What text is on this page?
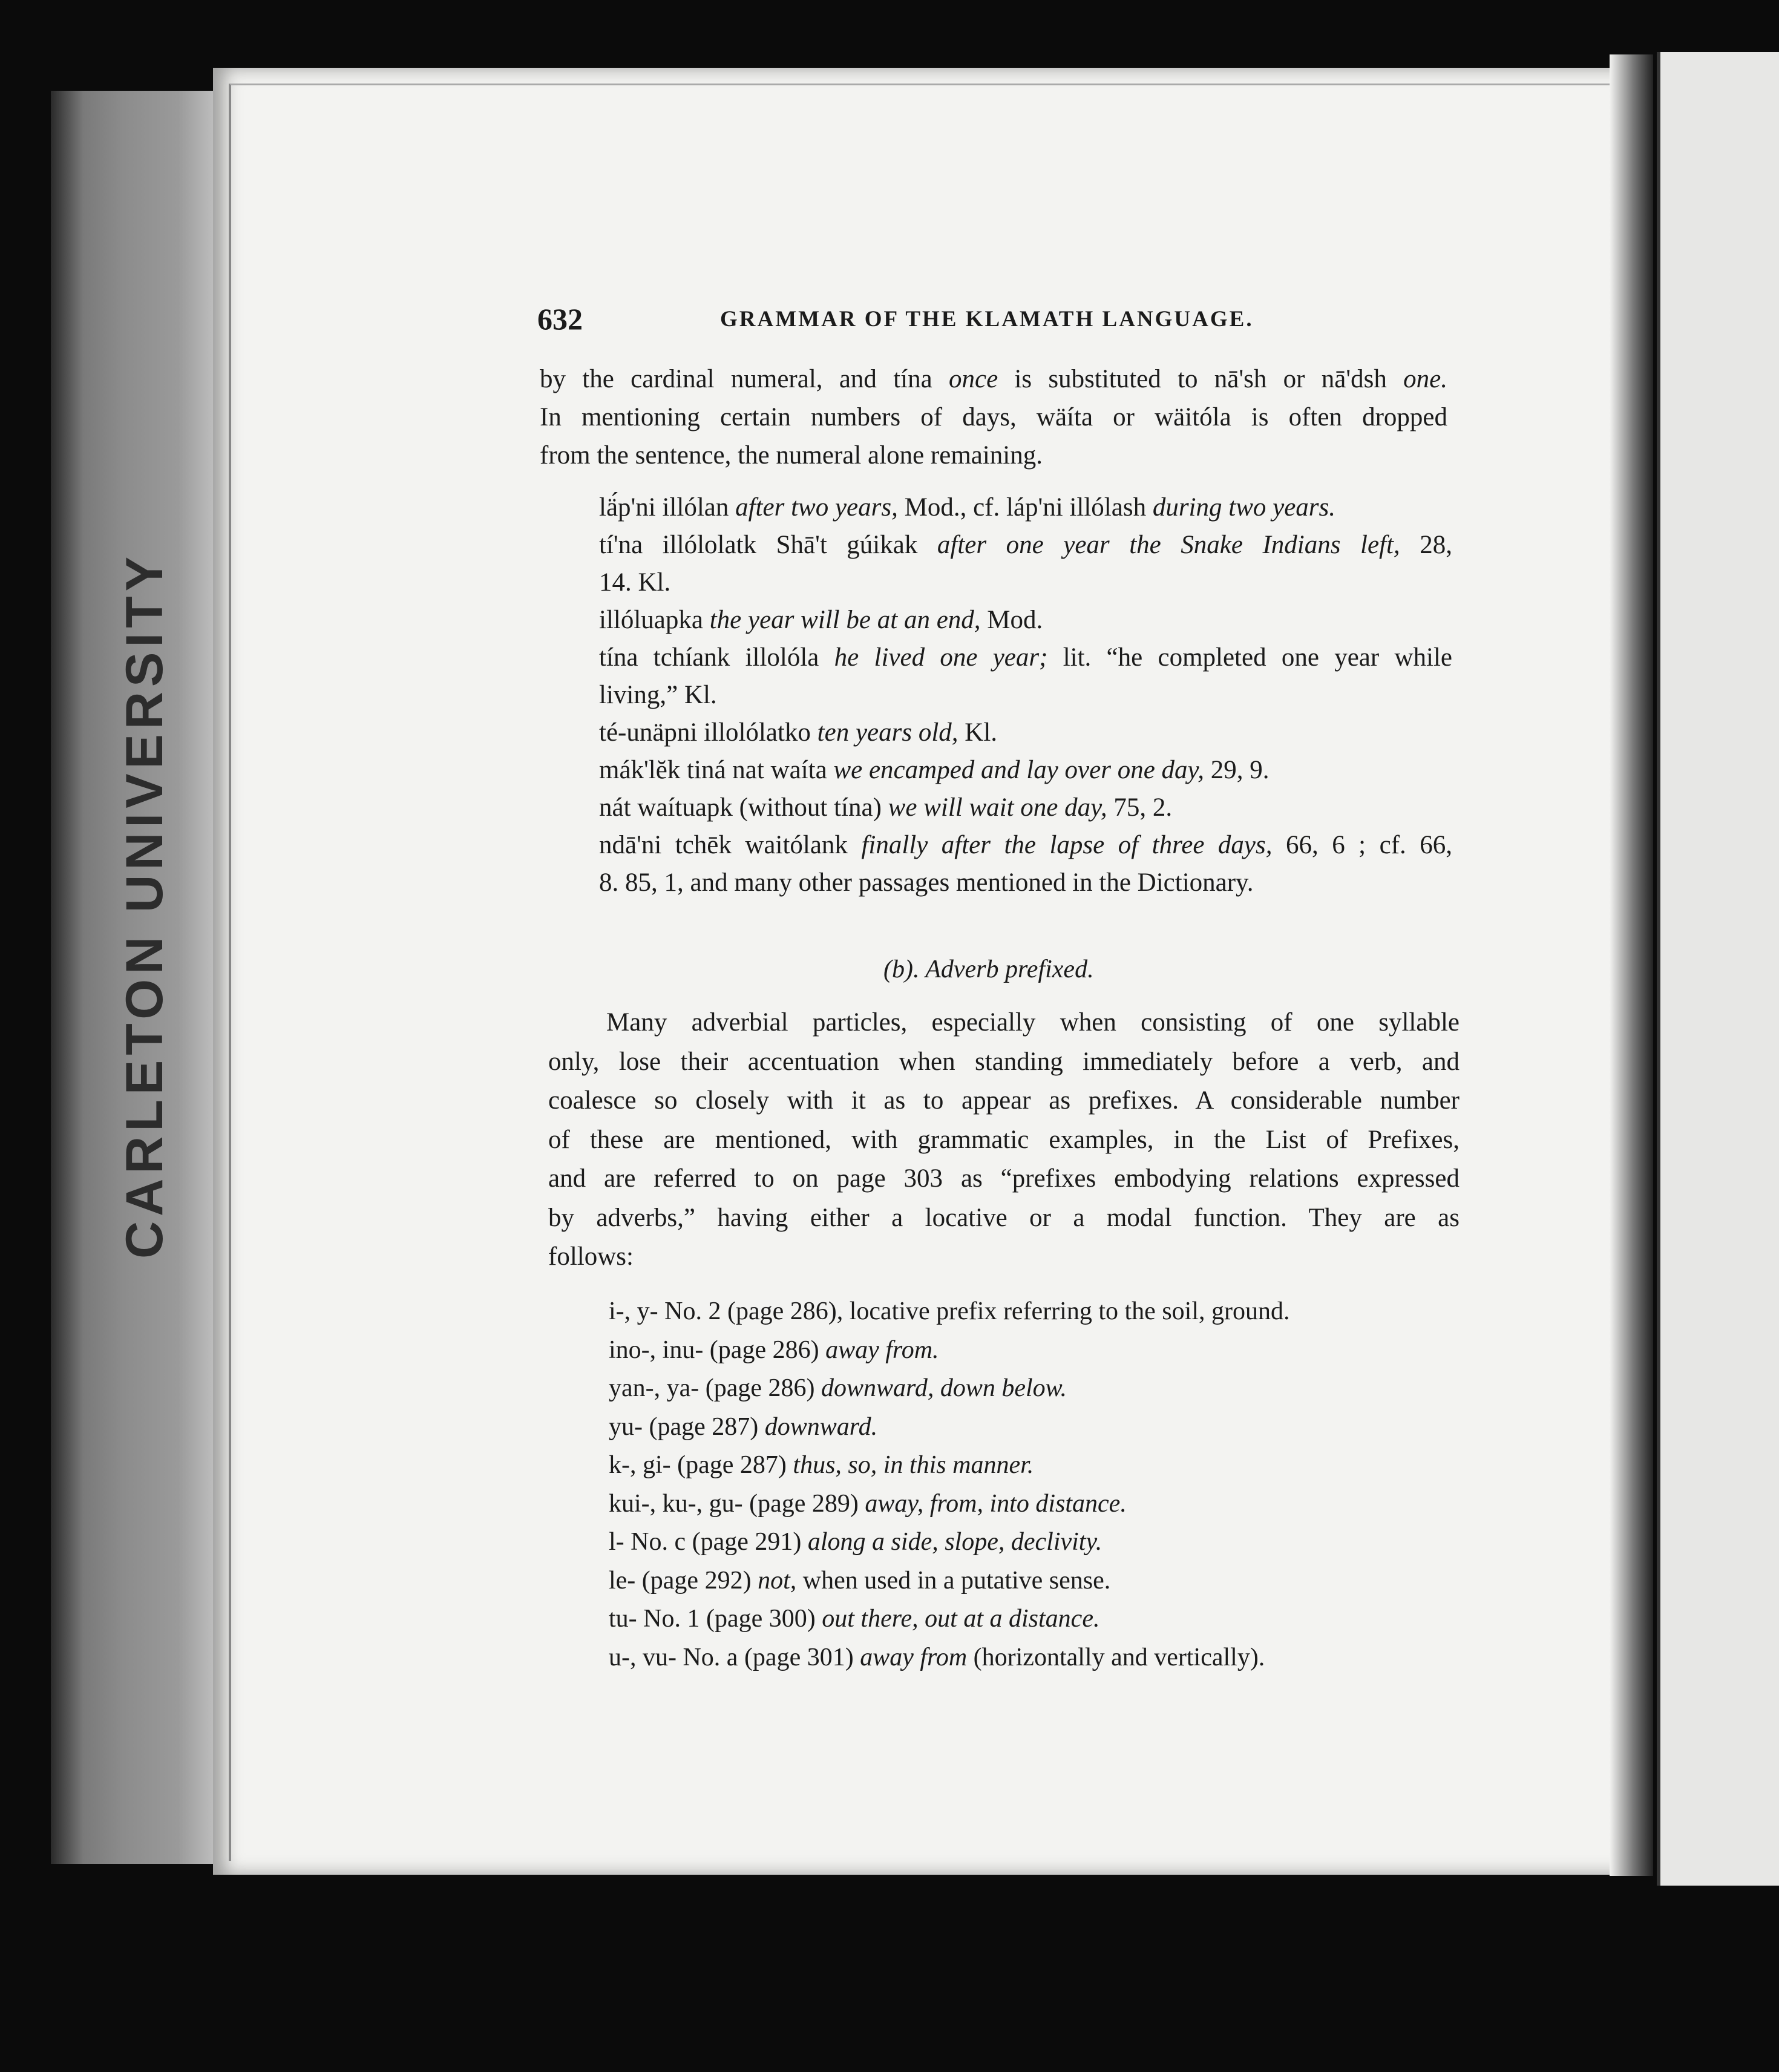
CARLETON UNIVERSITY
632	GRAMMAR OF THE KLAMATH LANGUAGE.
by the cardinal numeral, and tína once is substituted to nā'sh or nā'dsh one.
In mentioning certain numbers of days, wäíta or wäitóla is often dropped
from the sentence, the numeral alone remaining.
lä́p'ni illólan after two years, Mod., cf. láp'ni illólash during two years.
tí'na illólolatk Shā't gúikak after one year the Snake Indians left, 28,
14. Kl.
illóluapka the year will be at an end, Mod.
tína tchíank illolóla he lived one year; lit. “he completed one year while
living,” Kl.
té-unäpni illolólatko ten years old, Kl.
mák'lĕk tiná nat waíta we encamped and lay over one day, 29, 9.
nát waítuapk (without tína) we will wait one day, 75, 2.
ndā'ni tchēk waitólank finally after the lapse of three days, 66, 6 ; cf. 66,
8. 85, 1, and many other passages mentioned in the Dictionary.
(b). Adverb prefixed.
Many adverbial particles, especially when consisting of one syllable
only, lose their accentuation when standing immediately before a verb, and
coalesce so closely with it as to appear as prefixes. A considerable number
of these are mentioned, with grammatic examples, in the List of Prefixes,
and are referred to on page 303 as “prefixes embodying relations expressed
by adverbs,” having either a locative or a modal function. They are as
follows:
i-, y- No. 2 (page 286), locative prefix referring to the soil, ground.
ino-, inu- (page 286) away from.
yan-, ya- (page 286) downward, down below.
yu- (page 287) downward.
k-, gi- (page 287) thus, so, in this manner.
kui-, ku-, gu- (page 289) away, from, into distance.
l- No. c (page 291) along a side, slope, declivity.
le- (page 292) not, when used in a putative sense.
tu- No. 1 (page 300) out there, out at a distance.
u-, vu- No. a (page 301) away from (horizontally and vertically).
